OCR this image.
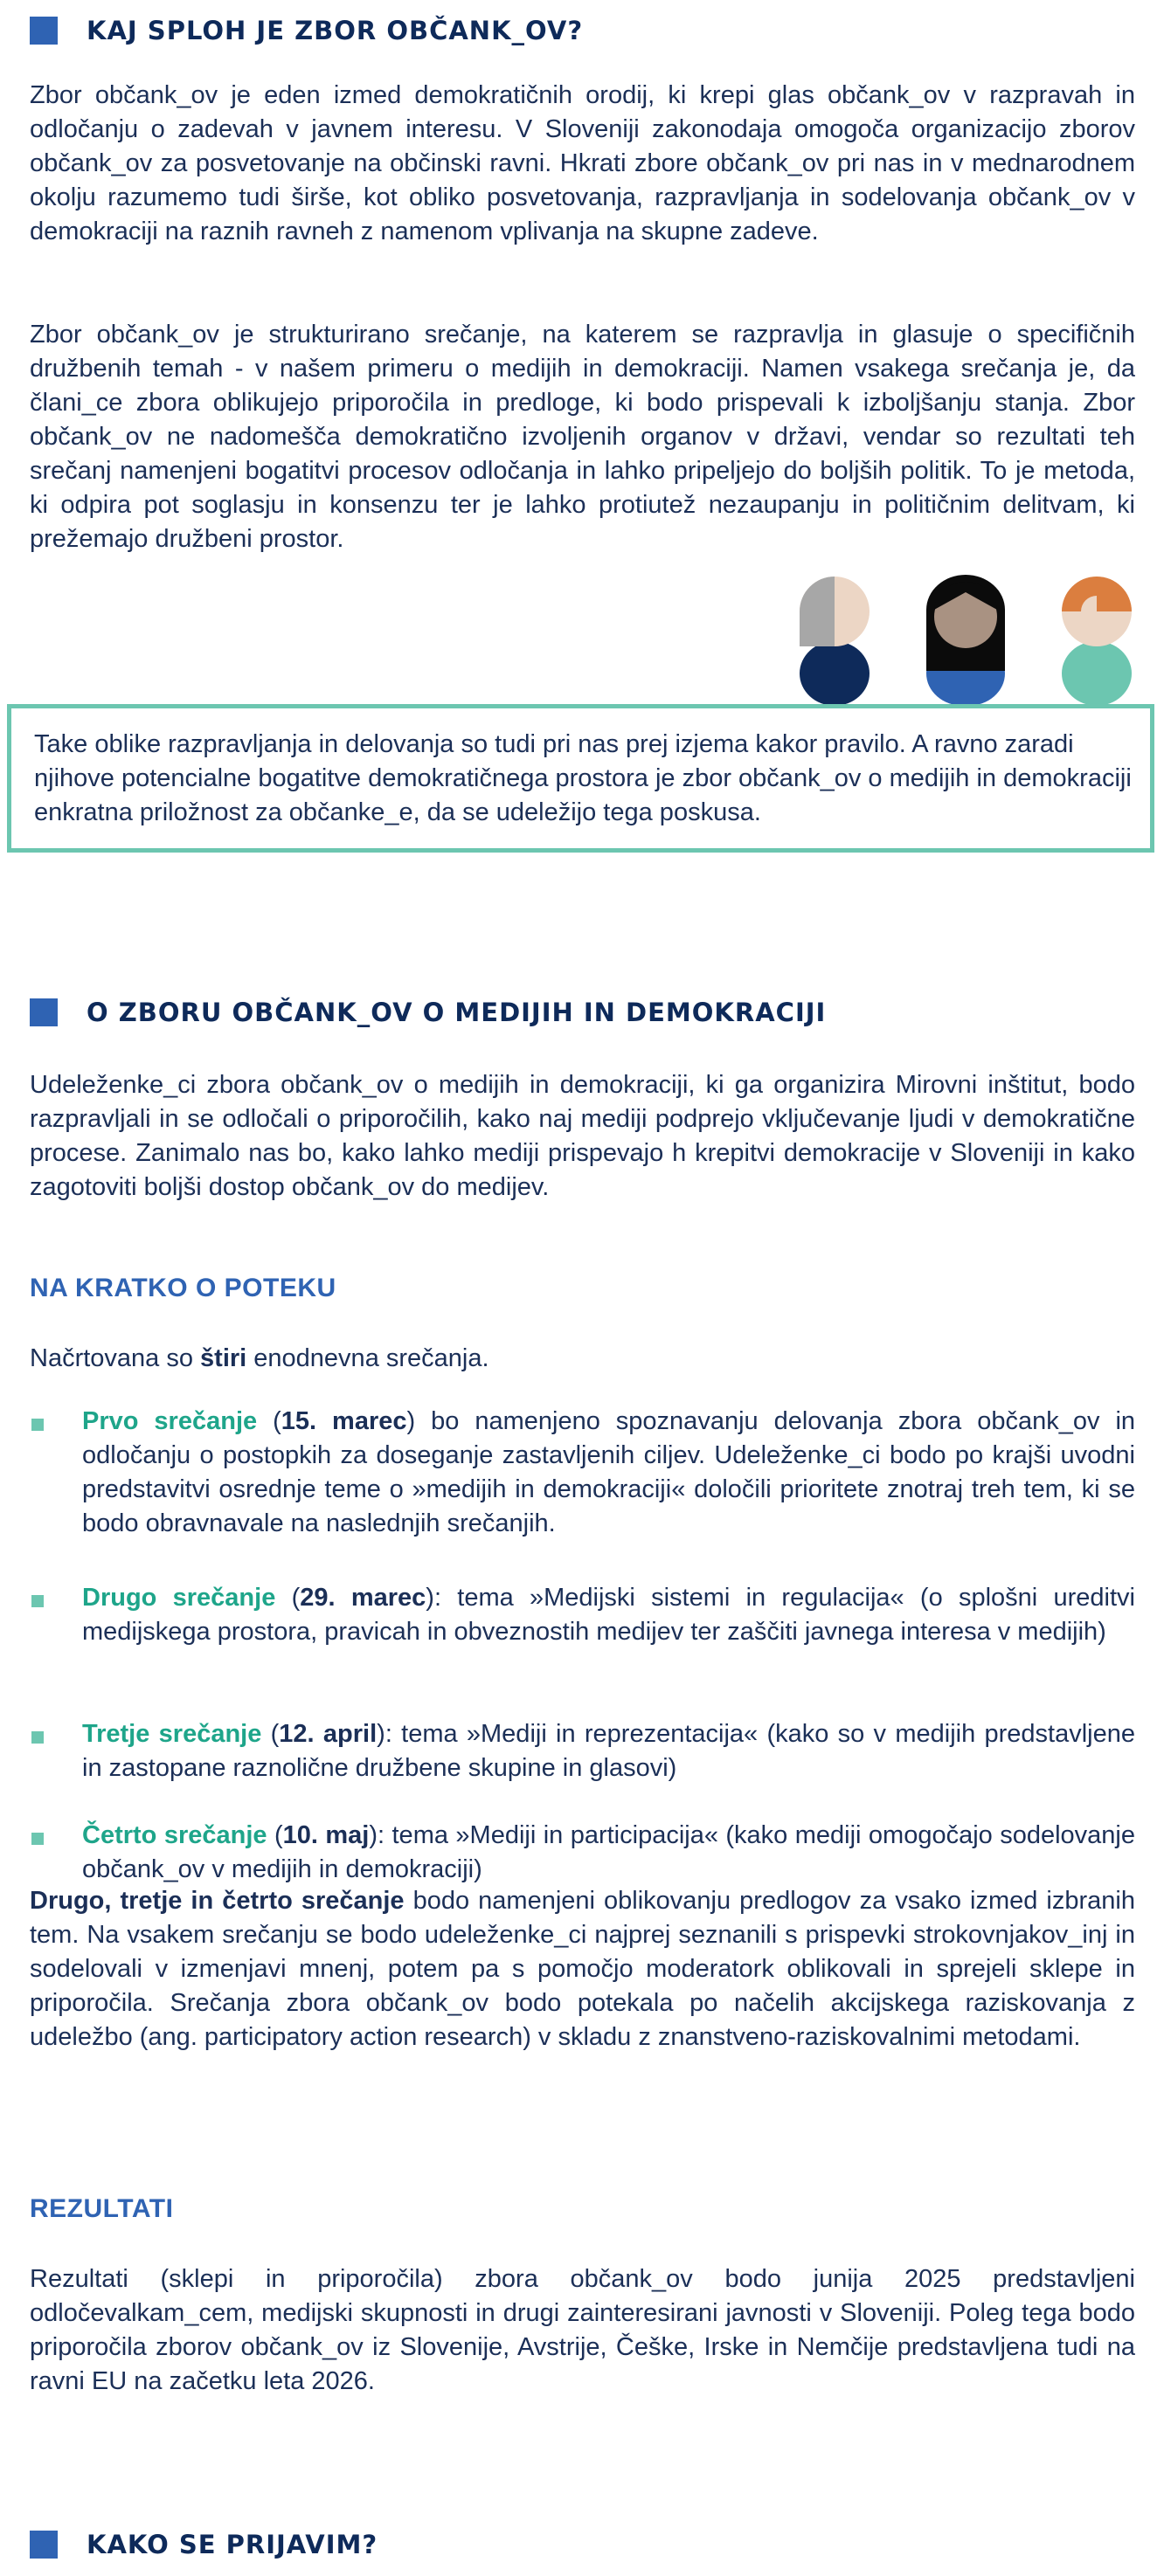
KAJ SPLOH JE ZBOR OBČANK_OV?

Zbor občank_ov je eden izmed demokratičnih orodij, ki krepi glas občank_ov v razpravah in odločanju o zadevah v javnem interesu. V Sloveniji zakonodaja omogoča organizacijo zborov občank_ov za posvetovanje na občinski ravni. Hkrati zbore občank_ov pri nas in v mednarodnem okolju razumemo tudi širše, kot obliko posvetovanja, razpravljanja in sodelovanja občank_ov v demokraciji na raznih ravneh z namenom vplivanja na skupne zadeve.

Zbor občank_ov je strukturirano srečanje, na katerem se razpravlja in glasuje o specifičnih družbenih temah - v našem primeru o medijih in demokraciji. Namen vsakega srečanja je, da člani_ce zbora oblikujejo priporočila in predloge, ki bodo prispevali k izboljšanju stanja. Zbor občank_ov ne nadomešča demokratično izvoljenih organov v državi, vendar so rezultati teh srečanj namenjeni bogatitvi procesov odločanja in lahko pripeljejo do boljših politik. To je metoda, ki odpira pot soglasju in konsenzu ter je lahko protiutež nezaupanju in političnim delitvam, ki prežemajo družbeni prostor.

Take oblike razpravljanja in delovanja so tudi pri nas prej izjema kakor pravilo. A ravno zaradi njihove potencialne bogatitve demokratičnega prostora je zbor občank_ov o medijih in demokraciji enkratna priložnost za občanke_e, da se udeležijo tega poskusa.

O ZBORU OBČANK_OV O MEDIJIH IN DEMOKRACIJI

Udeleženke_ci zbora občank_ov o medijih in demokraciji, ki ga organizira Mirovni inštitut, bodo razpravljali in se odločali o priporočilih, kako naj mediji podprejo vključevanje ljudi v demokratične procese. Zanimalo nas bo, kako lahko mediji prispevajo h krepitvi demokracije v Sloveniji in kako zagotoviti boljši dostop občank_ov do medijev.

NA KRATKO O POTEKU

Načrtovana so štiri enodnevna srečanja.

Prvo srečanje (15. marec) bo namenjeno spoznavanju delovanja zbora občank_ov in odločanju o postopkih za doseganje zastavljenih ciljev. Udeleženke_ci bodo po krajši uvodni predstavitvi osrednje teme o »medijih in demokraciji« določili prioritete znotraj treh tem, ki se bodo obravnavale na naslednjih srečanjih.

Drugo srečanje (29. marec): tema »Medijski sistemi in regulacija« (o splošni ureditvi medijskega prostora, pravicah in obveznostih medijev ter zaščiti javnega interesa v medijih)

Tretje srečanje (12. april): tema »Mediji in reprezentacija« (kako so v medijih predstavljene in zastopane raznolične družbene skupine in glasovi)

Četrto srečanje (10. maj): tema »Mediji in participacija« (kako mediji omogočajo sodelovanje občank_ov v medijih in demokraciji)

Drugo, tretje in četrto srečanje bodo namenjeni oblikovanju predlogov za vsako izmed izbranih tem. Na vsakem srečanju se bodo udeleženke_ci najprej seznanili s prispevki strokovnjakov_inj in sodelovali v izmenjavi mnenj, potem pa s pomočjo moderatork oblikovali in sprejeli sklepe in priporočila. Srečanja zbora občank_ov bodo potekala po načelih akcijskega raziskovanja z udeležbo (ang. participatory action research) v skladu z znanstveno-raziskovalnimi metodami.

REZULTATI

Rezultati (sklepi in priporočila) zbora občank_ov bodo junija 2025 predstavljeni odločevalkam_cem, medijski skupnosti in drugi zainteresirani javnosti v Sloveniji. Poleg tega bodo priporočila zborov občank_ov iz Slovenije, Avstrije, Češke, Irske in Nemčije predstavljena tudi na ravni EU na začetku leta 2026.

KAKO SE PRIJAVIM?
